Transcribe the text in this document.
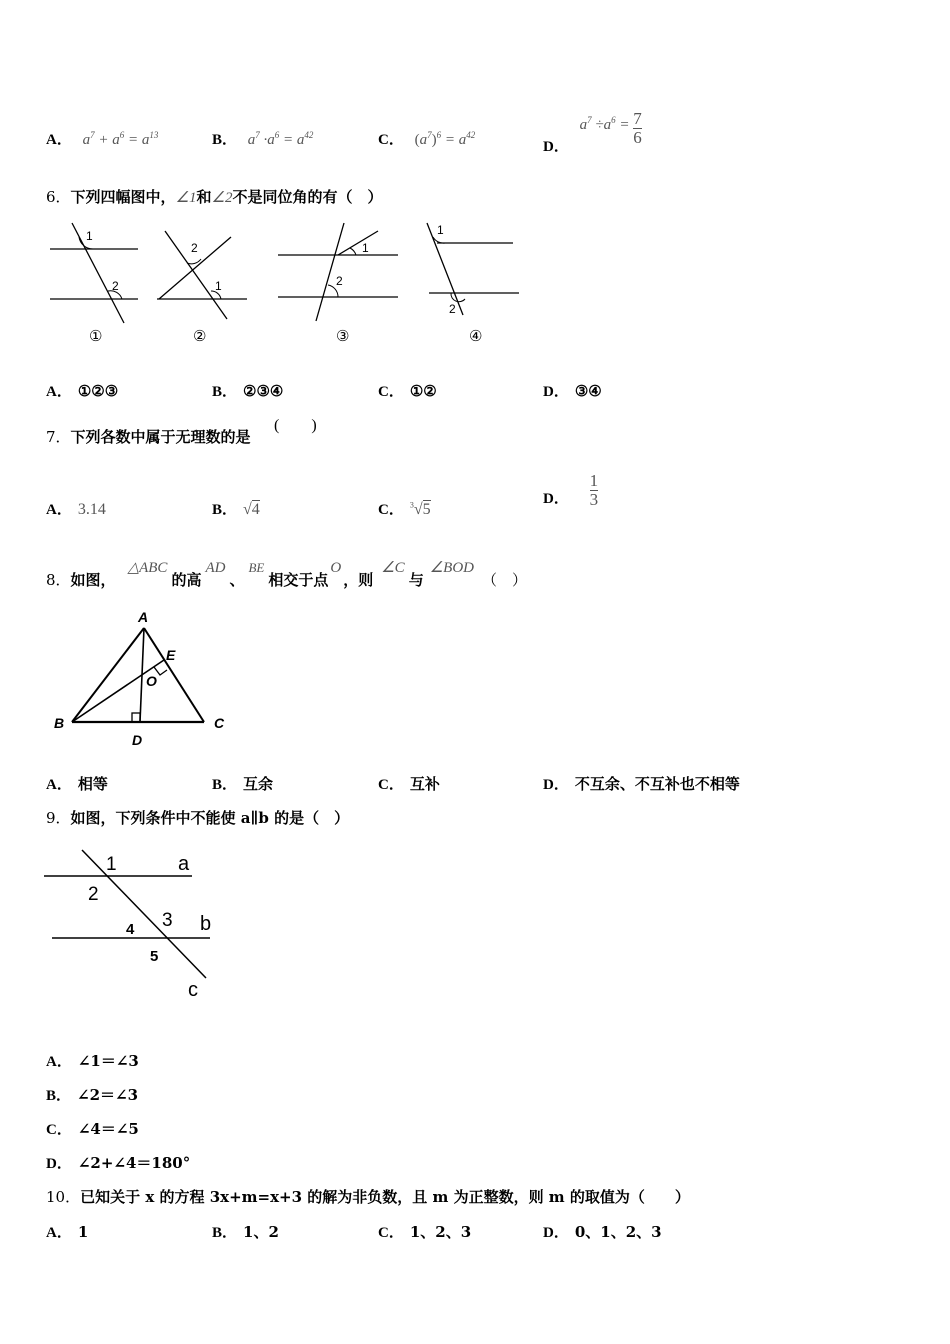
A． $a^7 + a^6 = a^{13}$	B． $a^7 \cdot a^6 = a^{42}$	C． $(a^7)^6 = a^{42}$
D． $a^7 \div a^6 = \frac{7}{6}$
6．下列四幅图中，∠1和∠2不是同位角的有（　）
1
2
①
2
1
②
1
2
③
1
2
④
A． ①②③	B． ②③④	C． ①②	D． ③④
7．下列各数中属于无理数的是
(　　)
A． 3.14	B． √4	C． $^3$√5
D． $\frac{1}{3}$
8．如图，△ABC的高AD、BE相交于点O，则∠C与∠BOD（　）
A
B	C
D
E
O
A． 相等	B． 互余	C． 互补	D． 不互余、不互补也不相等
9．如图，下列条件中不能使 a∥b 的是（　）
1
2
3
4
5
a
b
c
A． ∠1＝∠3
B． ∠2＝∠3
C． ∠4＝∠5
D． ∠2+∠4＝180°
10．已知关于 x 的方程 3x+m=x+3 的解为非负数，且 m 为正整数，则 m 的取值为（　　）
A． 1	B． 1、2	C． 1、2、3	D． 0、1、2、3
